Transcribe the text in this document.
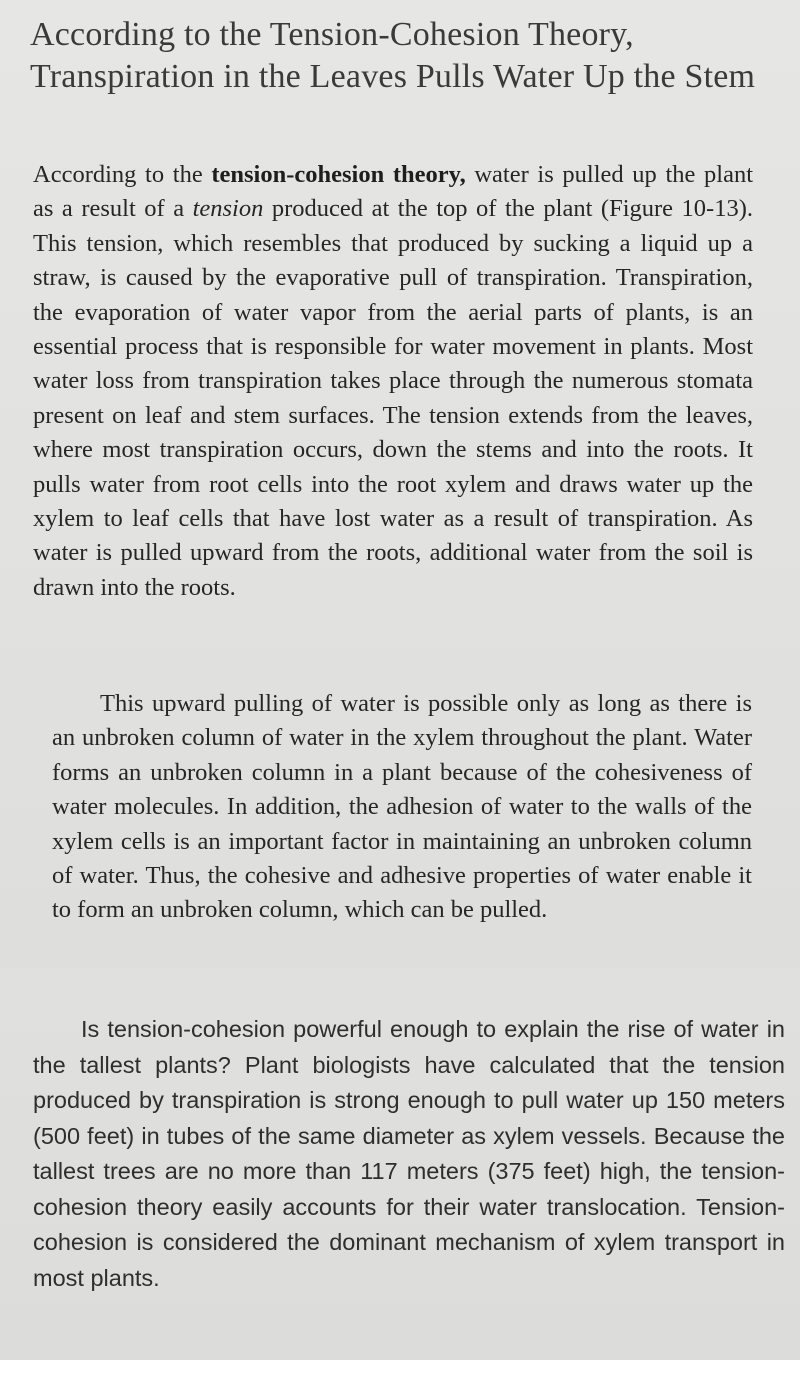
According to the Tension-Cohesion Theory, Transpiration in the Leaves Pulls Water Up the Stem
According to the tension-cohesion theory, water is pulled up the plant as a result of a tension produced at the top of the plant (Figure 10-13). This tension, which resembles that produced by sucking a liquid up a straw, is caused by the evaporative pull of transpiration. Transpiration, the evaporation of water vapor from the aerial parts of plants, is an essential process that is responsible for water movement in plants. Most water loss from transpiration takes place through the numerous stomata present on leaf and stem surfaces. The tension extends from the leaves, where most transpiration occurs, down the stems and into the roots. It pulls water from root cells into the root xylem and draws water up the xylem to leaf cells that have lost water as a result of transpiration. As water is pulled upward from the roots, additional water from the soil is drawn into the roots.
This upward pulling of water is possible only as long as there is an unbroken column of water in the xylem throughout the plant. Water forms an unbroken column in a plant because of the cohesiveness of water molecules. In addition, the adhesion of water to the walls of the xylem cells is an important factor in maintaining an unbroken column of water. Thus, the cohesive and adhesive properties of water enable it to form an unbroken column, which can be pulled.
Is tension-cohesion powerful enough to explain the rise of water in the tallest plants? Plant biologists have calculated that the tension produced by transpiration is strong enough to pull water up 150 meters (500 feet) in tubes of the same diameter as xylem vessels. Because the tallest trees are no more than 117 meters (375 feet) high, the tension-cohesion theory easily accounts for their water translocation. Tension-cohesion is considered the dominant mechanism of xylem transport in most plants.
